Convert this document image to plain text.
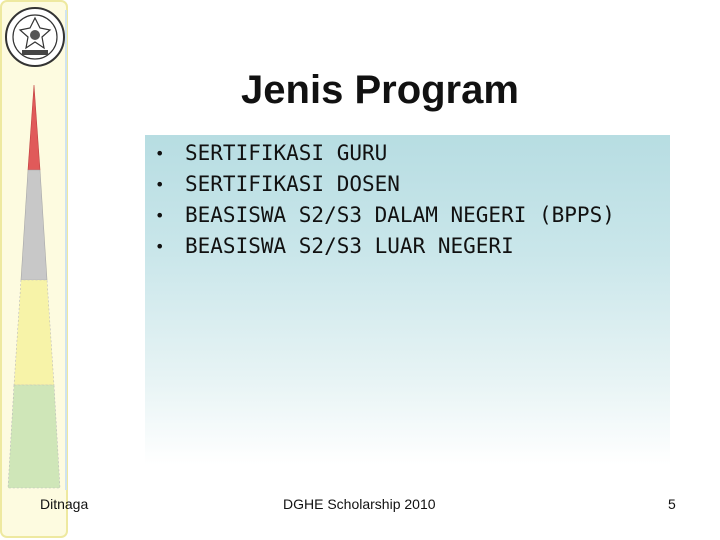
Jenis Program
• SERTIFIKASI GURU
• SERTIFIKASI DOSEN
• BEASISWA S2/S3 DALAM NEGERI (BPPS)
• BEASISWA S2/S3 LUAR NEGERI
Ditnaga	DGHE Scholarship 2010	5
